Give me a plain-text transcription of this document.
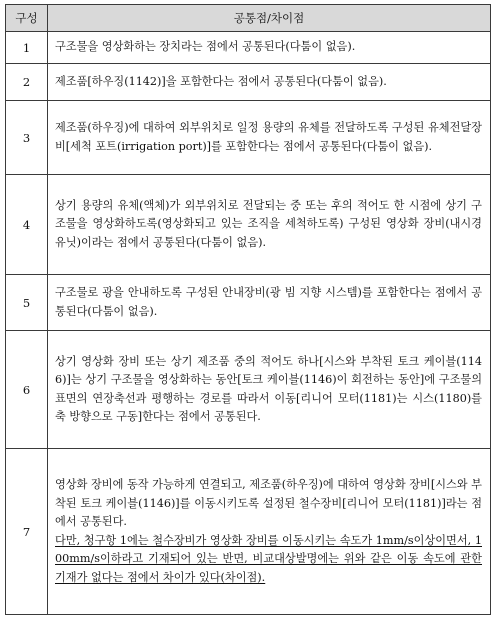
구성	공통점/차이점
1	구조물을 영상화하는 장치라는 점에서 공통된다(다툼이 없음).
2	제조품[하우징(1142)]을 포함한다는 점에서 공통된다(다툼이 없음).
3	제조품(하우징)에 대하여 외부위치로 일정 용량의 유체를 전달하도록 구성된 유체전달장비[세척 포트(irrigation port)]를 포함한다는 점에서 공통된다(다툼이 없음).
4	상기 용량의 유체(액체)가 외부위치로 전달되는 중 또는 후의 적어도 한 시점에 상기 구조물을 영상화하도록(영상화되고 있는 조직을 세척하도록) 구성된 영상화 장비(내시경 유닛)이라는 점에서 공통된다(다툼이 없음).
5	구조물로 광을 안내하도록 구성된 안내장비(광 빔 지향 시스템)를 포함한다는 점에서 공통된다(다툼이 없음).
6	상기 영상화 장비 또는 상기 제조품 중의 적어도 하나[시스와 부착된 토크 케이블(1146)]는 상기 구조물을 영상화하는 동안[토크 케이블(1146)이 회전하는 동안]에 구조물의 표면의 연장축선과 평행하는 경로를 따라서 이동[리니어 모터(1181)는 시스(1180)를 축 방향으로 구동]한다는 점에서 공통된다.
7	영상화 장비에 동작 가능하게 연결되고, 제조품(하우징)에 대하여 영상화 장비[시스와 부착된 토크 케이블(1146)]를 이동시키도록 설정된 철수장비[리니어 모터(1181)]라는 점에서 공통된다.
다만, 청구항 1에는 철수장비가 영상화 장비를 이동시키는 속도가 1mm/s이상이면서, 100mm/s이하라고 기재되어 있는 반면, 비교대상발명에는 위와 같은 이동 속도에 관한 기재가 없다는 점에서 차이가 있다(차이점).
